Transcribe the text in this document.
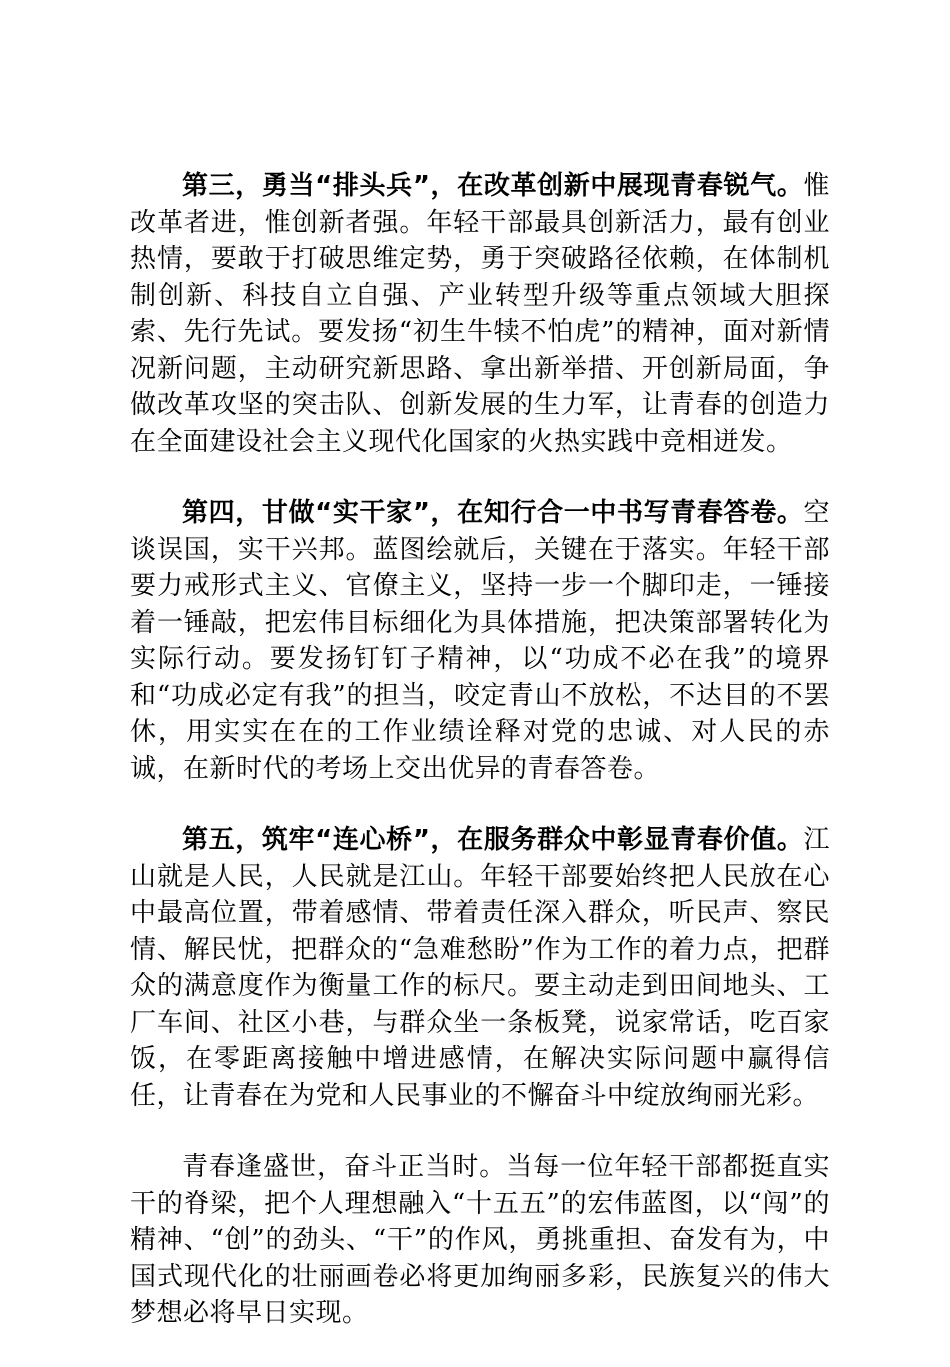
第三，勇当“排头兵”，在改革创新中展现青春锐气。惟改革者进，惟创新者强。年轻干部最具创新活力，最有创业热情，要敢于打破思维定势，勇于突破路径依赖，在体制机制创新、科技自立自强、产业转型升级等重点领域大胆探索、先行先试。要发扬“初生牛犊不怕虎”的精神，面对新情况新问题，主动研究新思路、拿出新举措、开创新局面，争做改革攻坚的突击队、创新发展的生力军，让青春的创造力在全面建设社会主义现代化国家的火热实践中竞相迸发。

第四，甘做“实干家”，在知行合一中书写青春答卷。空谈误国，实干兴邦。蓝图绘就后，关键在于落实。年轻干部要力戒形式主义、官僚主义，坚持一步一个脚印走，一锤接着一锤敲，把宏伟目标细化为具体措施，把决策部署转化为实际行动。要发扬钉钉子精神，以“功成不必在我”的境界和“功成必定有我”的担当，咬定青山不放松，不达目的不罢休，用实实在在的工作业绩诠释对党的忠诚、对人民的赤诚，在新时代的考场上交出优异的青春答卷。

第五，筑牢“连心桥”，在服务群众中彰显青春价值。江山就是人民，人民就是江山。年轻干部要始终把人民放在心中最高位置，带着感情、带着责任深入群众，听民声、察民情、解民忧，把群众的“急难愁盼”作为工作的着力点，把群众的满意度作为衡量工作的标尺。要主动走到田间地头、工厂车间、社区小巷，与群众坐一条板凳，说家常话，吃百家饭，在零距离接触中增进感情，在解决实际问题中赢得信任，让青春在为党和人民事业的不懈奋斗中绽放绚丽光彩。

青春逢盛世，奋斗正当时。当每一位年轻干部都挺直实干的脊梁，把个人理想融入“十五五”的宏伟蓝图，以“闯”的精神、“创”的劲头、“干”的作风，勇挑重担、奋发有为，中国式现代化的壮丽画卷必将更加绚丽多彩，民族复兴的伟大梦想必将早日实现。
